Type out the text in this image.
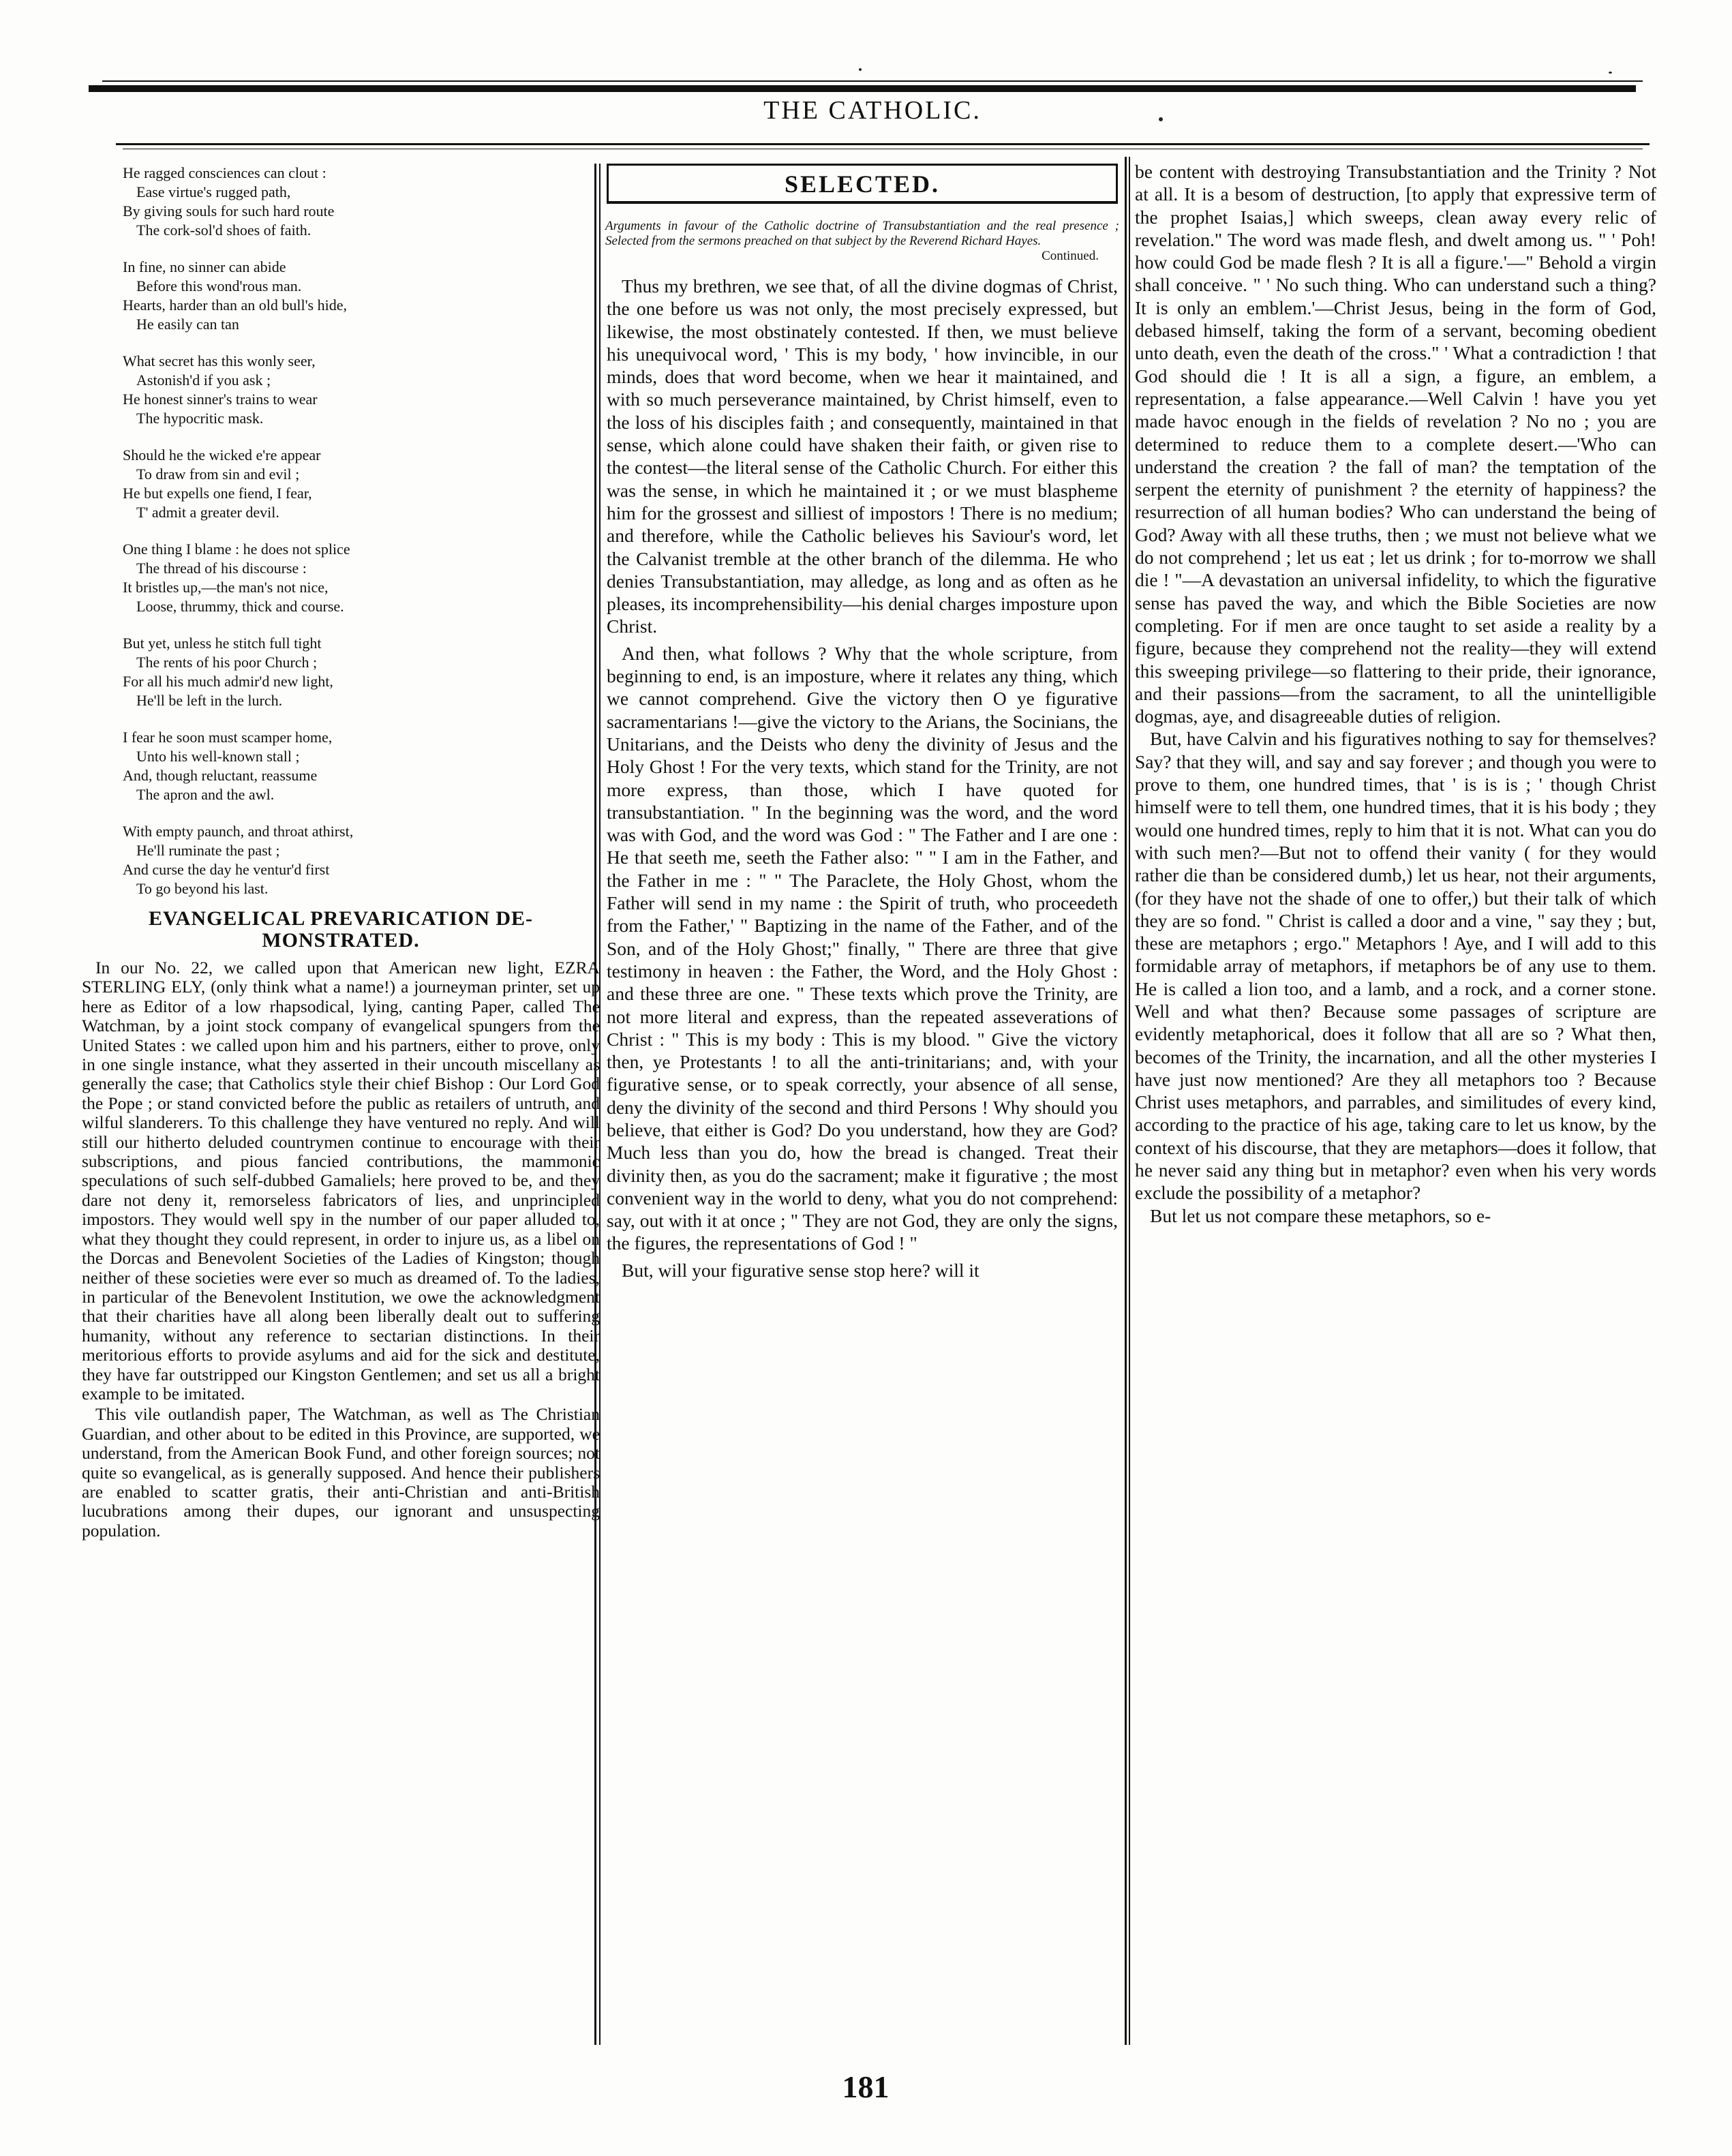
THE CATHOLIC.
He ragged consciences can clout :
Ease virtue's rugged path,
By giving souls for such hard route
The cork-sol'd shoes of faith.
In fine, no sinner can abide
Before this wond'rous man.
Hearts, harder than an old bull's hide,
He easily can tan
What secret has this wonly seer,
Astonish'd if you ask ;
He honest sinner's trains to wear
The hypocritic mask.
Should he the wicked e're appear
To draw from sin and evil ;
He but expells one fiend, I fear,
T' admit a greater devil.
One thing I blame : he does not splice
The thread of his discourse :
It bristles up,—the man's not nice,
Loose, thrummy, thick and course.
But yet, unless he stitch full tight
The rents of his poor Church ;
For all his much admir'd new light,
He'll be left in the lurch.
I fear he soon must scamper home,
Unto his well-known stall ;
And, though reluctant, reassume
The apron and the awl.
With empty paunch, and throat athirst,
He'll ruminate the past ;
And curse the day he ventur'd first
To go beyond his last.
EVANGELICAL PREVARICATION DE-
MONSTRATED.

In our No. 22, we called upon that American new light, EZRA STERLING ELY, (only think what a name!) a journeyman printer, set up here as Editor of a low rhapsodical, lying, canting Paper, called The Watchman, by a joint stock company of evangelical spungers from the United States : we called upon him and his partners, either to prove, only in one single instance, what they asserted in their uncouth miscellany as generally the case; that Catholics style their chief Bishop : Our Lord God the Pope ; or stand convicted before the public as retailers of untruth, and wilful slanderers. To this challenge they have ventured no reply. And will still our hitherto deluded countrymen continue to encourage with their subscriptions, and pious fancied contributions, the mammonic speculations of such self-dubbed Gamaliels; here proved to be, and they dare not deny it, remorseless fabricators of lies, and unprincipled impostors. They would well spy in the number of our paper alluded to, what they thought they could represent, in order to injure us, as a libel on the Dorcas and Benevolent Societies of the Ladies of Kingston; though neither of these societies were ever so much as dreamed of. To the ladies, in particular of the Benevolent Institution, we owe the acknowledgment that their charities have all along been liberally dealt out to suffering humanity, without any reference to sectarian distinctions. In their meritorious efforts to provide asylums and aid for the sick and destitute, they have far outstripped our Kingston Gentlemen; and set us all a bright example to be imitated.

This vile outlandish paper, The Watchman, as well as The Christian Guardian, and other about to be edited in this Province, are supported, we understand, from the American Book Fund, and other foreign sources; not quite so evangelical, as is generally supposed. And hence their publishers are enabled to scatter gratis, their anti-Christian and anti-British lucubrations among their dupes, our ignorant and unsuspecting population.

SELECTED.
Arguments in favour of the Catholic doctrine of Transubstantiation and the real presence ; Selected from the sermons preached on that subject by the Reverend Richard Hayes.
Continued.

Thus my brethren, we see that, of all the divine dogmas of Christ, the one before us was not only, the most precisely expressed, but likewise, the most obstinately contested. If then, we must believe his unequivocal word, ' This is my body, ' how invincible, in our minds, does that word become, when we hear it maintained, and with so much perseverance maintained, by Christ himself, even to the loss of his disciples faith ; and consequently, maintained in that sense, which alone could have shaken their faith, or given rise to the contest—the literal sense of the Catholic Church. For either this was the sense, in which he maintained it ; or we must blaspheme him for the grossest and silliest of impostors ! There is no medium; and therefore, while the Catholic believes his Saviour's word, let the Calvanist tremble at the other branch of the dilemma. He who denies Transubstantiation, may alledge, as long and as often as he pleases, its incomprehensibility—his denial charges imposture upon Christ.

And then, what follows ? Why that the whole scripture, from beginning to end, is an imposture, where it relates any thing, which we cannot comprehend. Give the victory then O ye figurative sacramentarians !—give the victory to the Arians, the Socinians, the Unitarians, and the Deists who deny the divinity of Jesus and the Holy Ghost ! For the very texts, which stand for the Trinity, are not more express, than those, which I have quoted for transubstantiation. " In the beginning was the word, and the word was with God, and the word was God : " The Father and I are one : He that seeth me, seeth the Father also: " " I am in the Father, and the Father in me : " " The Paraclete, the Holy Ghost, whom the Father will send in my name : the Spirit of truth, who proceedeth from the Father,' " Baptizing in the name of the Father, and of the Son, and of the Holy Ghost;" finally, " There are three that give testimony in heaven : the Father, the Word, and the Holy Ghost : and these three are one. " These texts which prove the Trinity, are not more literal and express, than the repeated asseverations of Christ : " This is my body : This is my blood. " Give the victory then, ye Protestants ! to all the anti-trinitarians; and, with your figurative sense, or to speak correctly, your absence of all sense, deny the divinity of the second and third Persons ! Why should you believe, that either is God? Do you understand, how they are God? Much less than you do, how the bread is changed. Treat their divinity then, as you do the sacrament; make it figurative ; the most convenient way in the world to deny, what you do not comprehend: say, out with it at once ; " They are not God, they are only the signs, the figures, the representations of God ! "

But, will your figurative sense stop here? will it

be content with destroying Transubstantiation and the Trinity ? Not at all. It is a besom of destruction, [to apply that expressive term of the prophet Isaias,] which sweeps, clean away every relic of revelation." The word was made flesh, and dwelt among us. " ' Poh! how could God be made flesh ? It is all a figure.'—" Behold a virgin shall conceive. " ' No such thing. Who can understand such a thing? It is only an emblem.'—Christ Jesus, being in the form of God, debased himself, taking the form of a servant, becoming obedient unto death, even the death of the cross." ' What a contradiction ! that God should die ! It is all a sign, a figure, an emblem, a representation, a false appearance.—Well Calvin ! have you yet made havoc enough in the fields of revelation ? No no ; you are determined to reduce them to a complete desert.—'Who can understand the creation ? the fall of man? the temptation of the serpent the eternity of punishment ? the eternity of happiness? the resurrection of all human bodies? Who can understand the being of God? Away with all these truths, then ; we must not believe what we do not comprehend ; let us eat ; let us drink ; for to-morrow we shall die ! "—A devastation an universal infidelity, to which the figurative sense has paved the way, and which the Bible Societies are now completing. For if men are once taught to set aside a reality by a figure, because they comprehend not the reality—they will extend this sweeping privilege—so flattering to their pride, their ignorance, and their passions—from the sacrament, to all the unintelligible dogmas, aye, and disagreeable duties of religion.

But, have Calvin and his figuratives nothing to say for themselves? Say? that they will, and say and say forever ; and though you were to prove to them, one hundred times, that ' is is is ; ' though Christ himself were to tell them, one hundred times, that it is his body ; they would one hundred times, reply to him that it is not. What can you do with such men?—But not to offend their vanity ( for they would rather die than be considered dumb,) let us hear, not their arguments, (for they have not the shade of one to offer,) but their talk of which they are so fond. " Christ is called a door and a vine, " say they ; but, these are metaphors ; ergo." Metaphors ! Aye, and I will add to this formidable array of metaphors, if metaphors be of any use to them. He is called a lion too, and a lamb, and a rock, and a corner stone. Well and what then? Because some passages of scripture are evidently metaphorical, does it follow that all are so ? What then, becomes of the Trinity, the incarnation, and all the other mysteries I have just now mentioned? Are they all metaphors too ? Because Christ uses metaphors, and parrables, and similitudes of every kind, according to the practice of his age, taking care to let us know, by the context of his discourse, that they are metaphors—does it follow, that he never said any thing but in metaphor? even when his very words exclude the possibility of a metaphor?

But let us not compare these metaphors, so e-

181
